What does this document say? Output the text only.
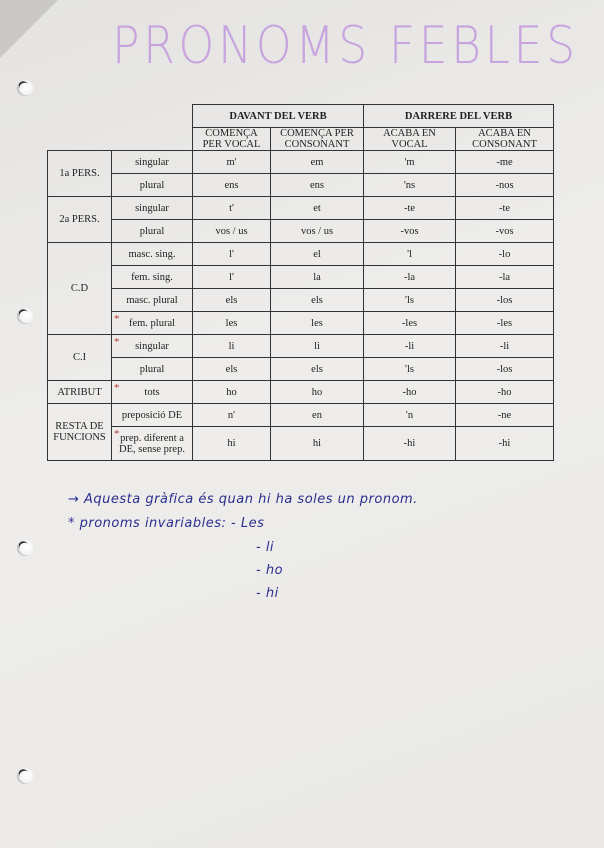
PRONOMS FEBLES
		DAVANT DEL VERB		DARRERE DEL VERB	
		COMENÇA PER VOCAL	COMENÇA PER CONSONANT	ACABA EN VOCAL	ACABA EN CONSONANT
1a PERS.	singular	m'	em	'm	-me
	plural	ens	ens	'ns	-nos
2a PERS.	singular	t'	et	-te	-te
	plural	vos / us	vos / us	-vos	-vos
C.D	masc. sing.	l'	el	'l	-lo
	fem. sing.	l'	la	-la	-la
	masc. plural	els	els	'ls	-los

	* fem. plural	les	les	-les	-les
C.I	* singular	li	li	-li	-li
	plural	els	els	'ls	-los
ATRIBUT	* tots	ho	ho	-ho	-ho
RESTA DE FUNCIONS	preposició DE	n'	en	'n	-ne

	* prep. diferent a DE, sense prep.	hi	hi	-hi	-hi
→ Aquesta gràfica és quan hi ha soles un pronom.
* pronoms invariables: - Les
- li
- ho
- hi
